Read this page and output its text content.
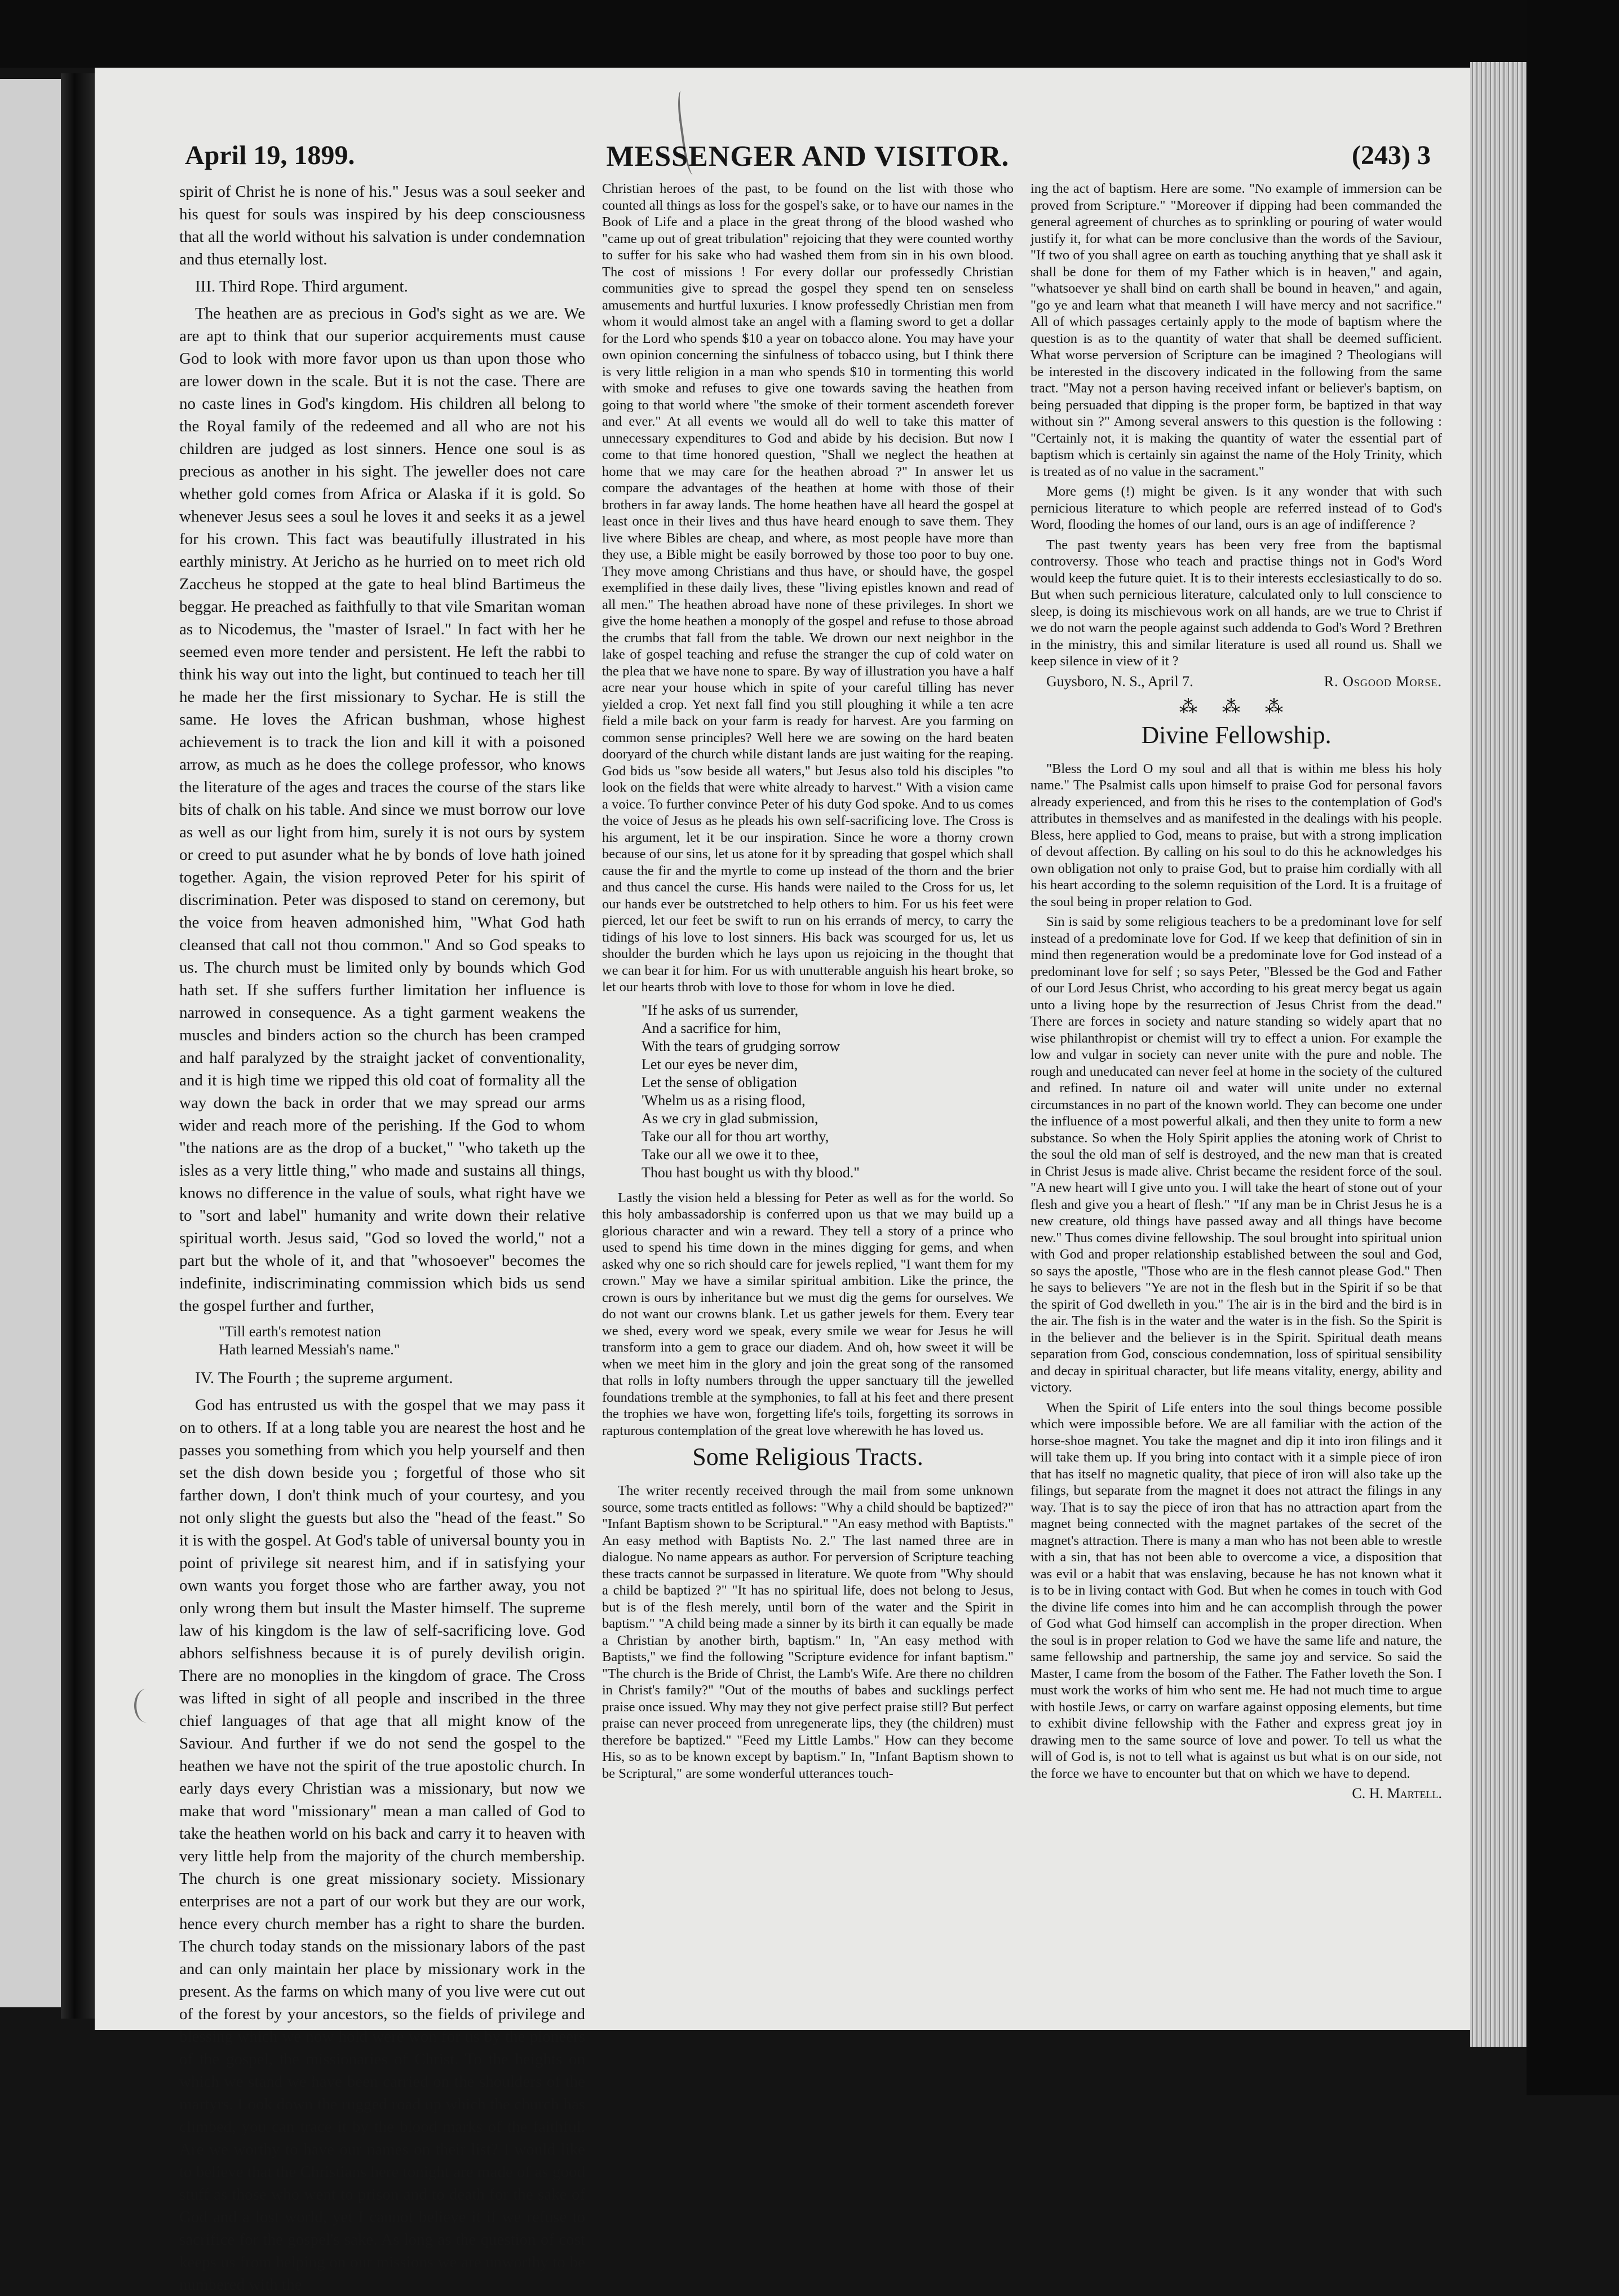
MESSENGER AND VISITOR.
April 19, 1899.	(243) 3

spirit of Christ he is none of his." Jesus was a soul seeker and his quest for souls was inspired by his deep consciousness that all the world without his salvation is under condemnation and thus eternally lost.

III. Third Rope. Third argument.

The heathen are as precious in God's sight as we are. We are apt to think that our superior acquirements must cause God to look with more favor upon us than upon those who are lower down in the scale. But it is not the case. There are no caste lines in God's kingdom. His children all belong to the Royal family of the redeemed and all who are not his children are judged as lost sinners. Hence one soul is as precious as another in his sight. The jeweller does not care whether gold comes from Africa or Alaska if it is gold. So whenever Jesus sees a soul he loves it and seeks it as a jewel for his crown. This fact was beautifully illustrated in his earthly ministry. At Jericho as he hurried on to meet rich old Zaccheus he stopped at the gate to heal blind Bartimeus the beggar. He preached as faithfully to that vile Smaritan woman as to Nicodemus, the "master of Israel." In fact with her he seemed even more tender and persistent. He left the rabbi to think his way out into the light, but continued to teach her till he made her the first missionary to Sychar. He is still the same. He loves the African bushman, whose highest achievement is to track the lion and kill it with a poisoned arrow, as much as he does the college professor, who knows the literature of the ages and traces the course of the stars like bits of chalk on his table. And since we must borrow our love as well as our light from him, surely it is not ours by system or creed to put asunder what he by bonds of love hath joined together. Again, the vision reproved Peter for his spirit of discrimination. Peter was disposed to stand on ceremony, but the voice from heaven admonished him, "What God hath cleansed that call not thou common." And so God speaks to us. The church must be limited only by bounds which God hath set. If she suffers further limitation her influence is narrowed in consequence. As a tight garment weakens the muscles and binders action so the church has been cramped and half paralyzed by the straight jacket of conventionality, and it is high time we ripped this old coat of formality all the way down the back in order that we may spread our arms wider and reach more of the perishing. If the God to whom "the nations are as the drop of a bucket," "who taketh up the isles as a very little thing," who made and sustains all things, knows no difference in the value of souls, what right have we to "sort and label" humanity and write down their relative spiritual worth. Jesus said, "God so loved the world," not a part but the whole of it, and that "whosoever" becomes the indefinite, indiscriminating commission which bids us send the gospel further and further,

"Till earth's remotest nation
Hath learned Messiah's name."

IV. The Fourth ; the supreme argument.

God has entrusted us with the gospel that we may pass it on to others. If at a long table you are nearest the host and he passes you something from which you help yourself and then set the dish down beside you ; forgetful of those who sit farther down, I don't think much of your courtesy, and you not only slight the guests but also the "head of the feast." So it is with the gospel. At God's table of universal bounty you in point of privilege sit nearest him, and if in satisfying your own wants you forget those who are farther away, you not only wrong them but insult the Master himself. The supreme law of his kingdom is the law of self-sacrificing love. God abhors selfishness because it is of purely devilish origin. There are no monoplies in the kingdom of grace. The Cross was lifted in sight of all people and inscribed in the three chief languages of that age that all might know of the Saviour. And further if we do not send the gospel to the heathen we have not the spirit of the true apostolic church. In early days every Christian was a missionary, but now we make that word "missionary" mean a man called of God to take the heathen world on his back and carry it to heaven with very little help from the majority of the church membership. The church is one great missionary society. Missionary enterprises are not a part of our work but they are our work, hence every church member has a right to share the burden. The church today stands on the missionary labors of the past and can only maintain her place by missionary work in the present. As the farms on which many of you live were cut out of the forest by your ancestors, so the fields of privilege and blessing which we now hold were won for us by the pioneers of the gospel, the missionaries of Christ. To the heights on which we stand we have been carried on the shoulders of the martyrs. Look down the rugged road up which the church has climbed, you can trace it by the blood marks of the faithful. Are we worthy to have our names on their list? I would like to believe that the Christians here tonight are made of as good stuff as those who went to prison and to death for the sake of God and a lost world, yet I cannot believe it if we refuse to sacrifice for the gospel's sake. As long as the question of cost keeps us from helping on our missions we are unworthy to be numbered with the

Christian heroes of the past, to be found on the list with those who counted all things as loss for the gospel's sake, or to have our names in the Book of Life and a place in the great throng of the blood washed who "came up out of great tribulation" rejoicing that they were counted worthy to suffer for his sake who had washed them from sin in his own blood. The cost of missions ! For every dollar our professedly Christian communities give to spread the gospel they spend ten on senseless amusements and hurtful luxuries. I know professedly Christian men from whom it would almost take an angel with a flaming sword to get a dollar for the Lord who spends $10 a year on tobacco alone. You may have your own opinion concerning the sinfulness of tobacco using, but I think there is very little religion in a man who spends $10 in tormenting this world with smoke and refuses to give one towards saving the heathen from going to that world where "the smoke of their torment ascendeth forever and ever." At all events we would all do well to take this matter of unnecessary expenditures to God and abide by his decision. But now I come to that time honored question, "Shall we neglect the heathen at home that we may care for the heathen abroad ?" In answer let us compare the advantages of the heathen at home with those of their brothers in far away lands. The home heathen have all heard the gospel at least once in their lives and thus have heard enough to save them. They live where Bibles are cheap, and where, as most people have more than they use, a Bible might be easily borrowed by those too poor to buy one. They move among Christians and thus have, or should have, the gospel exemplified in these daily lives, these "living epistles known and read of all men." The heathen abroad have none of these privileges. In short we give the home heathen a monoply of the gospel and refuse to those abroad the crumbs that fall from the table. We drown our next neighbor in the lake of gospel teaching and refuse the stranger the cup of cold water on the plea that we have none to spare. By way of illustration you have a half acre near your house which in spite of your careful tilling has never yielded a crop. Yet next fall find you still ploughing it while a ten acre field a mile back on your farm is ready for harvest. Are you farming on common sense principles? Well here we are sowing on the hard beaten dooryard of the church while distant lands are just waiting for the reaping. God bids us "sow beside all waters," but Jesus also told his disciples "to look on the fields that were white already to harvest." With a vision came a voice. To further convince Peter of his duty God spoke. And to us comes the voice of Jesus as he pleads his own self-sacrificing love. The Cross is his argument, let it be our inspiration. Since he wore a thorny crown because of our sins, let us atone for it by spreading that gospel which shall cause the fir and the myrtle to come up instead of the thorn and the brier and thus cancel the curse. His hands were nailed to the Cross for us, let our hands ever be outstretched to help others to him. For us his feet were pierced, let our feet be swift to run on his errands of mercy, to carry the tidings of his love to lost sinners. His back was scourged for us, let us shoulder the burden which he lays upon us rejoicing in the thought that we can bear it for him. For us with unutterable anguish his heart broke, so let our hearts throb with love to those for whom in love he died.

"If he asks of us surrender,
And a sacrifice for him,
With the tears of grudging sorrow
Let our eyes be never dim,
Let the sense of obligation
'Whelm us as a rising flood,
As we cry in glad submission,
Take our all for thou art worthy,
Take our all we owe it to thee,
Thou hast bought us with thy blood."

Lastly the vision held a blessing for Peter as well as for the world. So this holy ambassadorship is conferred upon us that we may build up a glorious character and win a reward. They tell a story of a prince who used to spend his time down in the mines digging for gems, and when asked why one so rich should care for jewels replied, "I want them for my crown." May we have a similar spiritual ambition. Like the prince, the crown is ours by inheritance but we must dig the gems for ourselves. We do not want our crowns blank. Let us gather jewels for them. Every tear we shed, every word we speak, every smile we wear for Jesus he will transform into a gem to grace our diadem. And oh, how sweet it will be when we meet him in the glory and join the great song of the ransomed that rolls in lofty numbers through the upper sanctuary till the jewelled foundations tremble at the symphonies, to fall at his feet and there present the trophies we have won, forgetting life's toils, forgetting its sorrows in rapturous contemplation of the great love wherewith he has loved us.

Some Religious Tracts.

The writer recently received through the mail from some unknown source, some tracts entitled as follows: "Why a child should be baptized?" "Infant Baptism shown to be Scriptural." "An easy method with Baptists." An easy method with Baptists No. 2." The last named three are in dialogue. No name appears as author. For perversion of Scripture teaching these tracts cannot be surpassed in literature. We quote from "Why should a child be baptized ?" "It has no spiritual life, does not belong to Jesus, but is of the flesh merely, until born of the water and the Spirit in baptism." "A child being made a sinner by its birth it can equally be made a Christian by another birth, baptism." In, "An easy method with Baptists," we find the following "Scripture evidence for infant baptism." "The church is the Bride of Christ, the Lamb's Wife. Are there no children in Christ's family?" "Out of the mouths of babes and sucklings perfect praise once issued. Why may they not give perfect praise still? But perfect praise can never proceed from unregenerate lips, they (the children) must therefore be baptized." "Feed my Little Lambs." How can they become His, so as to be known except by baptism." In, "Infant Baptism shown to be Scriptural," are some wonderful utterances touch-

ing the act of baptism. Here are some. "No example of immersion can be proved from Scripture." "Moreover if dipping had been commanded the general agreement of churches as to sprinkling or pouring of water would justify it, for what can be more conclusive than the words of the Saviour, "If two of you shall agree on earth as touching anything that ye shall ask it shall be done for them of my Father which is in heaven," and again, "whatsoever ye shall bind on earth shall be bound in heaven," and again, "go ye and learn what that meaneth I will have mercy and not sacrifice." All of which passages certainly apply to the mode of baptism where the question is as to the quantity of water that shall be deemed sufficient. What worse perversion of Scripture can be imagined ? Theologians will be interested in the discovery indicated in the following from the same tract. "May not a person having received infant or believer's baptism, on being persuaded that dipping is the proper form, be baptized in that way without sin ?" Among several answers to this question is the following : "Certainly not, it is making the quantity of water the essential part of baptism which is certainly sin against the name of the Holy Trinity, which is treated as of no value in the sacrament."

More gems (!) might be given. Is it any wonder that with such pernicious literature to which people are referred instead of to God's Word, flooding the homes of our land, ours is an age of indifference ?

The past twenty years has been very free from the baptismal controversy. Those who teach and practise things not in God's Word would keep the future quiet. It is to their interests ecclesiastically to do so. But when such pernicious literature, calculated only to lull conscience to sleep, is doing its mischievous work on all hands, are we true to Christ if we do not warn the people against such addenda to God's Word ? Brethren in the ministry, this and similar literature is used all round us. Shall we keep silence in view of it ?

Guysboro, N. S., April 7.	R. Osgood Morse.
⁂ ⁂ ⁂
Divine Fellowship.

"Bless the Lord O my soul and all that is within me bless his holy name." The Psalmist calls upon himself to praise God for personal favors already experienced, and from this he rises to the contemplation of God's attributes in themselves and as manifested in the dealings with his people. Bless, here applied to God, means to praise, but with a strong implication of devout affection. By calling on his soul to do this he acknowledges his own obligation not only to praise God, but to praise him cordially with all his heart according to the solemn requisition of the Lord. It is a fruitage of the soul being in proper relation to God.

Sin is said by some religious teachers to be a predominant love for self instead of a predominate love for God. If we keep that definition of sin in mind then regeneration would be a predominate love for God instead of a predominant love for self ; so says Peter, "Blessed be the God and Father of our Lord Jesus Christ, who according to his great mercy begat us again unto a living hope by the resurrection of Jesus Christ from the dead." There are forces in society and nature standing so widely apart that no wise philanthropist or chemist will try to effect a union. For example the low and vulgar in society can never unite with the pure and noble. The rough and uneducated can never feel at home in the society of the cultured and refined. In nature oil and water will unite under no external circumstances in no part of the known world. They can become one under the influence of a most powerful alkali, and then they unite to form a new substance. So when the Holy Spirit applies the atoning work of Christ to the soul the old man of self is destroyed, and the new man that is created in Christ Jesus is made alive. Christ became the resident force of the soul. "A new heart will I give unto you. I will take the heart of stone out of your flesh and give you a heart of flesh." "If any man be in Christ Jesus he is a new creature, old things have passed away and all things have become new." Thus comes divine fellowship. The soul brought into spiritual union with God and proper relationship established between the soul and God, so says the apostle, "Those who are in the flesh cannot please God." Then he says to believers "Ye are not in the flesh but in the Spirit if so be that the spirit of God dwelleth in you." The air is in the bird and the bird is in the air. The fish is in the water and the water is in the fish. So the Spirit is in the believer and the believer is in the Spirit. Spiritual death means separation from God, conscious condemnation, loss of spiritual sensibility and decay in spiritual character, but life means vitality, energy, ability and victory.

When the Spirit of Life enters into the soul things become possible which were impossible before. We are all familiar with the action of the horse-shoe magnet. You take the magnet and dip it into iron filings and it will take them up. If you bring into contact with it a simple piece of iron that has itself no magnetic quality, that piece of iron will also take up the filings, but separate from the magnet it does not attract the filings in any way. That is to say the piece of iron that has no attraction apart from the magnet being connected with the magnet partakes of the secret of the magnet's attraction. There is many a man who has not been able to wrestle with a sin, that has not been able to overcome a vice, a disposition that was evil or a habit that was enslaving, because he has not known what it is to be in living contact with God. But when he comes in touch with God the divine life comes into him and he can accomplish through the power of God what God himself can accomplish in the proper direction. When the soul is in proper relation to God we have the same life and nature, the same fellowship and partnership, the same joy and service. So said the Master, I came from the bosom of the Father. The Father loveth the Son. I must work the works of him who sent me. He had not much time to argue with hostile Jews, or carry on warfare against opposing elements, but time to exhibit divine fellowship with the Father and express great joy in drawing men to the same source of love and power. To tell us what the will of God is, is not to tell what is against us but what is on our side, not the force we have to encounter but that on which we have to depend.

C. H. Martell.
